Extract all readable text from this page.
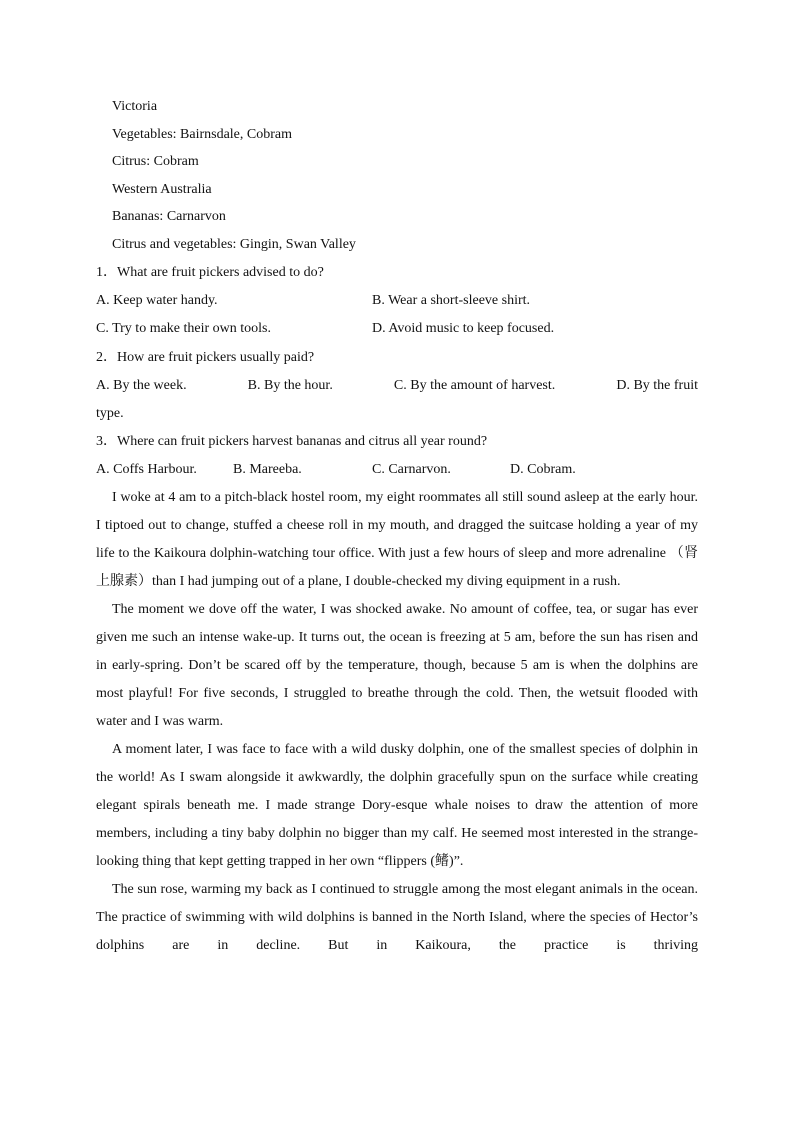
Victoria
Vegetables: Bairnsdale, Cobram
Citrus: Cobram
Western Australia
Bananas: Carnarvon
Citrus and vegetables: Gingin, Swan Valley
1．What are fruit pickers advised to do?
A. Keep water handy.	B. Wear a short-sleeve shirt.
C. Try to make their own tools.	D. Avoid music to keep focused.
2．How are fruit pickers usually paid?
A. By the week.	B. By the hour.	C. By the amount of harvest.	D. By the fruit
type.
3．Where can fruit pickers harvest bananas and citrus all year round?
A. Coffs Harbour.	B. Mareeba.	C. Carnarvon.	D. Cobram.

I woke at 4 am to a pitch-black hostel room, my eight roommates all still sound asleep at the early hour. I tiptoed out to change, stuffed a cheese roll in my mouth, and dragged the suitcase holding a year of my life to the Kaikoura dolphin-watching tour office. With just a few hours of sleep and more adrenaline （肾上腺素）than I had jumping out of a plane, I double-checked my diving equipment in a rush.

The moment we dove off the water, I was shocked awake. No amount of coffee, tea, or sugar has ever given me such an intense wake-up. It turns out, the ocean is freezing at 5 am, before the sun has risen and in early-spring. Don’t be scared off by the temperature, though, because 5 am is when the dolphins are most playful! For five seconds, I struggled to breathe through the cold. Then, the wetsuit flooded with water and I was warm.

A moment later, I was face to face with a wild dusky dolphin, one of the smallest species of dolphin in the world! As I swam alongside it awkwardly, the dolphin gracefully spun on the surface while creating elegant spirals beneath me. I made strange Dory-esque whale noises to draw the attention of more members, including a tiny baby dolphin no bigger than my calf. He seemed most interested in the strange-looking thing that kept getting trapped in her own “flippers (鳍)”.

The sun rose, warming my back as I continued to struggle among the most elegant animals in the ocean. The practice of swimming with wild dolphins is banned in the North Island, where the species of Hector’s dolphins are in decline. But in Kaikoura, the practice is thriving
